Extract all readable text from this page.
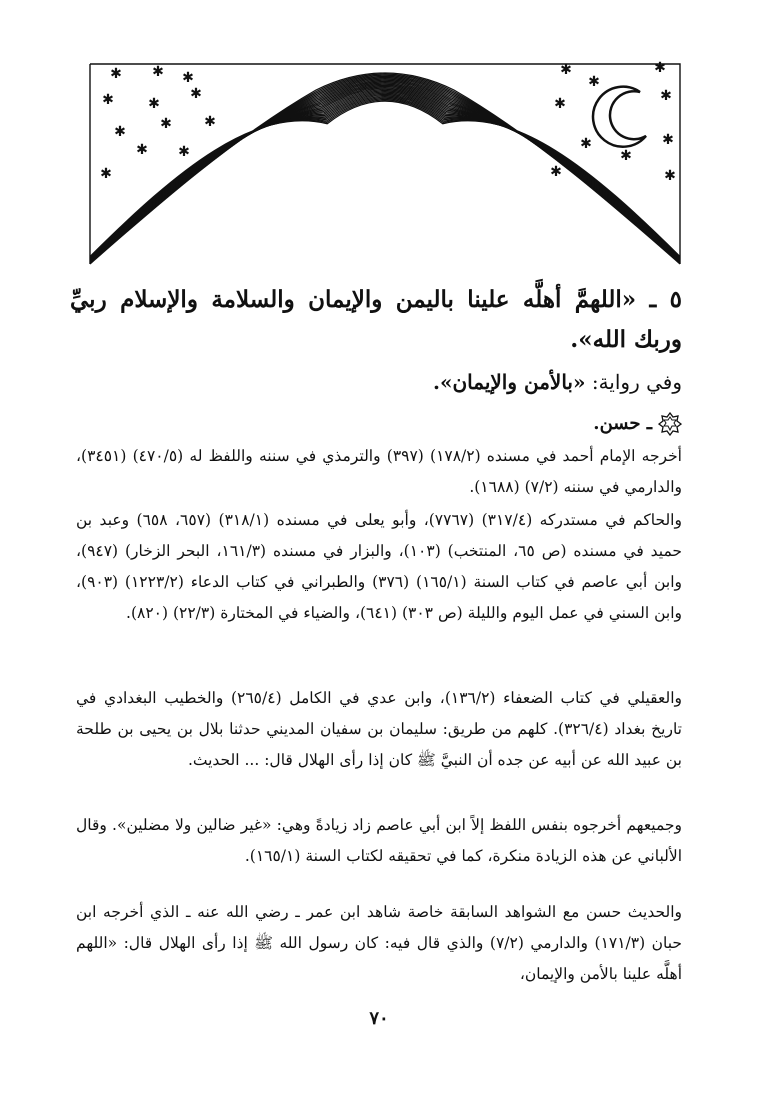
✱ ✱ ✱
✱ ✱
✱
✱ ✱ ✱
✱ ✱
✱
✱
✱
✱
✱
✱
✱
✱
✱
✱	✱
٥ ـ «اللهمَّ أهلَّه علينا باليمن والإيمان والسلامة والإسلام ربيِّ وربك الله».
وفي رواية: «بالأمن والإيمان».
ـ حسن.
أخرجه الإمام أحمد في مسنده (١٧٨/٢) (٣٩٧) والترمذي في سننه واللفظ له (٤٧٠/٥) (٣٤٥١)، والدارمي في سننه (٧/٢) (١٦٨٨).
والحاكم في مستدركه (٣١٧/٤) (٧٧٦٧)، وأبو يعلى في مسنده (٣١٨/١) (٦٥٧، ٦٥٨) وعبد بن حميد في مسنده (ص ٦٥، المنتخب) (١٠٣)، والبزار في مسنده (١٦١/٣، البحر الزخار) (٩٤٧)، وابن أبي عاصم في كتاب السنة (١٦٥/١) (٣٧٦) والطبراني في كتاب الدعاء (١٢٢٣/٢) (٩٠٣)، وابن السني في عمل اليوم والليلة (ص ٣٠٣) (٦٤١)، والضياء في المختارة (٢٢/٣) (٨٢٠).
والعقيلي في كتاب الضعفاء (١٣٦/٢)، وابن عدي في الكامل (٢٦٥/٤) والخطيب البغدادي في تاريخ بغداد (٣٢٦/٤). كلهم من طريق: سليمان بن سفيان المديني حدثنا بلال بن يحيى بن طلحة بن عبيد الله عن أبيه عن جده أن النبيَّ ﷺ كان إذا رأى الهلال قال: ... الحديث.
وجميعهم أخرجوه بنفس اللفظ إلاً ابن أبي عاصم زاد زيادةً وهي: «غير ضالين ولا مضلين». وقال الألباني عن هذه الزيادة منكرة، كما في تحقيقه لكتاب السنة (١٦٥/١).
والحديث حسن مع الشواهد السابقة خاصة شاهد ابن عمر ـ رضي الله عنه ـ الذي أخرجه ابن حبان (١٧١/٣) والدارمي (٧/٢) والذي قال فيه: كان رسول الله ﷺ إذا رأى الهلال قال: «اللهم أهلَّه علينا بالأمن والإيمان،
٧٠
